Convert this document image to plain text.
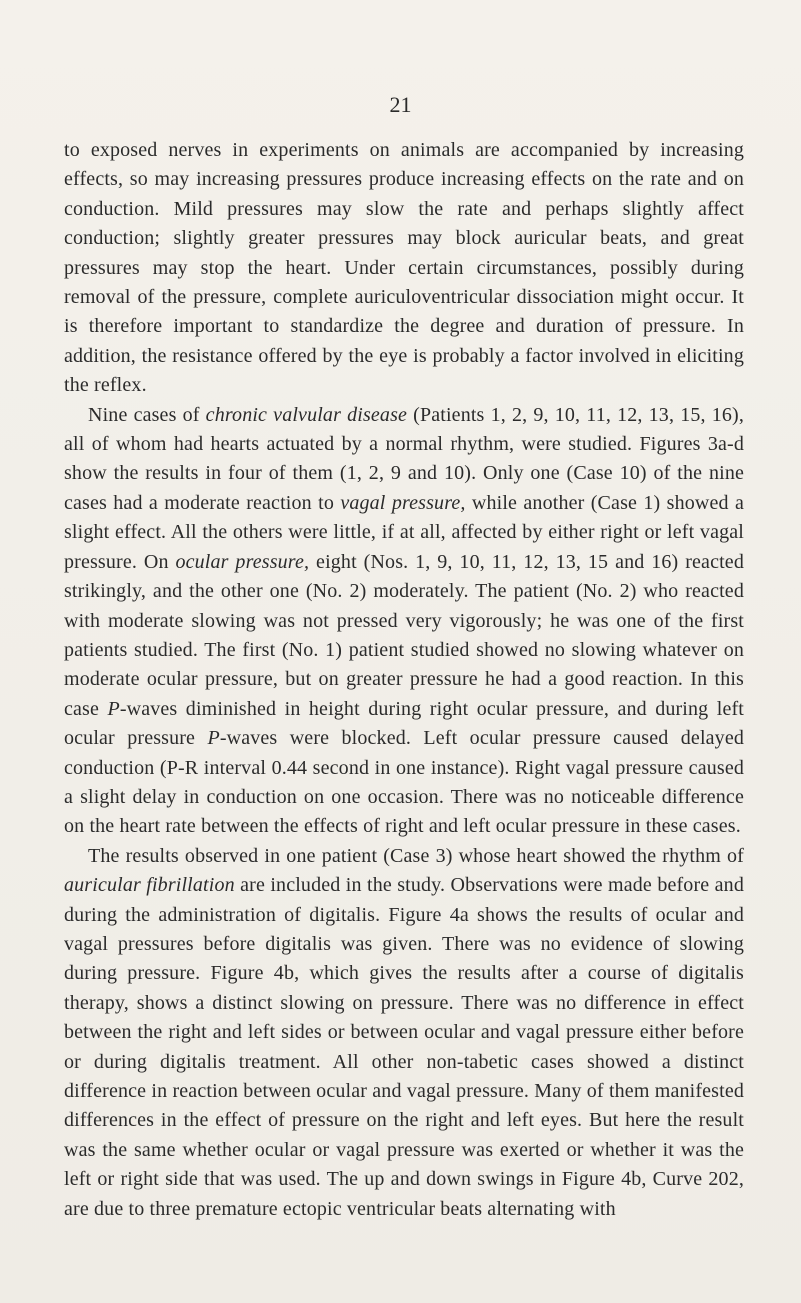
21

to exposed nerves in experiments on animals are accompanied by increasing effects, so may increasing pressures produce increasing effects on the rate and on conduction. Mild pressures may slow the rate and perhaps slightly affect conduction; slightly greater pressures may block auricular beats, and great pressures may stop the heart. Under certain circumstances, possibly during removal of the pressure, complete auriculoventricular dissociation might occur. It is therefore important to standardize the degree and duration of pressure. In addition, the resistance offered by the eye is probably a factor involved in eliciting the reflex.

Nine cases of chronic valvular disease (Patients 1, 2, 9, 10, 11, 12, 13, 15, 16), all of whom had hearts actuated by a normal rhythm, were studied. Figures 3a-d show the results in four of them (1, 2, 9 and 10). Only one (Case 10) of the nine cases had a moderate reaction to vagal pressure, while another (Case 1) showed a slight effect. All the others were little, if at all, affected by either right or left vagal pressure. On ocular pressure, eight (Nos. 1, 9, 10, 11, 12, 13, 15 and 16) reacted strikingly, and the other one (No. 2) moderately. The patient (No. 2) who reacted with moderate slowing was not pressed very vigorously; he was one of the first patients studied. The first (No. 1) patient studied showed no slowing whatever on moderate ocular pressure, but on greater pressure he had a good reaction. In this case P-waves diminished in height during right ocular pressure, and during left ocular pressure P-waves were blocked. Left ocular pressure caused delayed conduction (P-R interval 0.44 second in one instance). Right vagal pressure caused a slight delay in conduction on one occasion. There was no noticeable difference on the heart rate between the effects of right and left ocular pressure in these cases.

The results observed in one patient (Case 3) whose heart showed the rhythm of auricular fibrillation are included in the study. Observations were made before and during the administration of digitalis. Figure 4a shows the results of ocular and vagal pressures before digitalis was given. There was no evidence of slowing during pressure. Figure 4b, which gives the results after a course of digitalis therapy, shows a distinct slowing on pressure. There was no difference in effect between the right and left sides or between ocular and vagal pressure either before or during digitalis treatment. All other non-tabetic cases showed a distinct difference in reaction between ocular and vagal pressure. Many of them manifested differences in the effect of pressure on the right and left eyes. But here the result was the same whether ocular or vagal pressure was exerted or whether it was the left or right side that was used. The up and down swings in Figure 4b, Curve 202, are due to three premature ectopic ventricular beats alternating with
